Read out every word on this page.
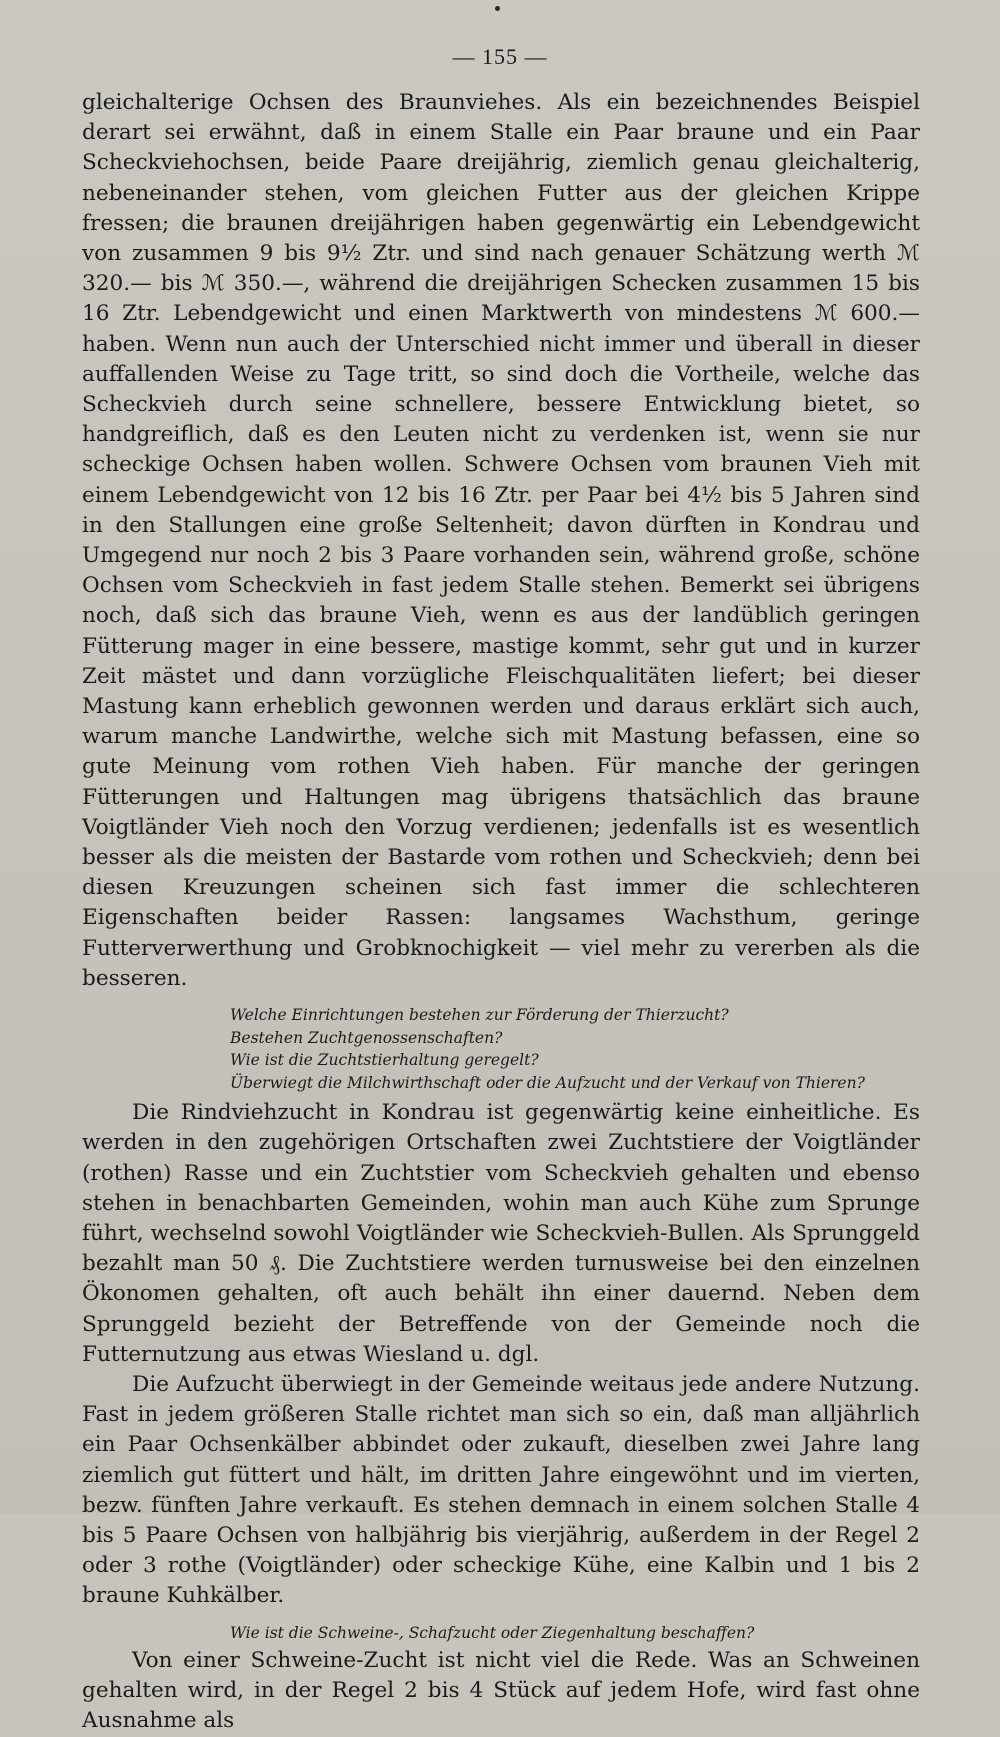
— 155 —

gleichalterige Ochsen des Braunviehes. Als ein bezeichnendes Beispiel derart sei erwähnt, daß in einem Stalle ein Paar braune und ein Paar Scheckviehochsen, beide Paare dreijährig, ziemlich genau gleichalterig, nebeneinander stehen, vom gleichen Futter aus der gleichen Krippe fressen; die braunen dreijährigen haben gegenwärtig ein Lebendgewicht von zusammen 9 bis 9½ Ztr. und sind nach genauer Schätzung werth ℳ 320.— bis ℳ 350.—, während die dreijährigen Schecken zusammen 15 bis 16 Ztr. Lebendgewicht und einen Marktwerth von mindestens ℳ 600.— haben. Wenn nun auch der Unterschied nicht immer und überall in dieser auffallenden Weise zu Tage tritt, so sind doch die Vortheile, welche das Scheckvieh durch seine schnellere, bessere Entwicklung bietet, so handgreiflich, daß es den Leuten nicht zu verdenken ist, wenn sie nur scheckige Ochsen haben wollen. Schwere Ochsen vom braunen Vieh mit einem Lebendgewicht von 12 bis 16 Ztr. per Paar bei 4½ bis 5 Jahren sind in den Stallungen eine große Seltenheit; davon dürften in Kondrau und Umgegend nur noch 2 bis 3 Paare vorhanden sein, während große, schöne Ochsen vom Scheckvieh in fast jedem Stalle stehen. Bemerkt sei übrigens noch, daß sich das braune Vieh, wenn es aus der landüblich geringen Fütterung mager in eine bessere, mastige kommt, sehr gut und in kurzer Zeit mästet und dann vorzügliche Fleischqualitäten liefert; bei dieser Mastung kann erheblich gewonnen werden und daraus erklärt sich auch, warum manche Landwirthe, welche sich mit Mastung befassen, eine so gute Meinung vom rothen Vieh haben. Für manche der geringen Fütterungen und Haltungen mag übrigens thatsächlich das braune Voigtländer Vieh noch den Vorzug verdienen; jedenfalls ist es wesentlich besser als die meisten der Bastarde vom rothen und Scheckvieh; denn bei diesen Kreuzungen scheinen sich fast immer die schlechteren Eigenschaften beider Rassen: langsames Wachsthum, geringe Futterverwerthung und Grobknochigkeit — viel mehr zu vererben als die besseren.

Welche Einrichtungen bestehen zur Förderung der Thierzucht?
Bestehen Zuchtgenossenschaften?
Wie ist die Zuchtstierhaltung geregelt?
Überwiegt die Milchwirthschaft oder die Aufzucht und der Verkauf von Thieren?

Die Rindviehzucht in Kondrau ist gegenwärtig keine einheitliche. Es werden in den zugehörigen Ortschaften zwei Zuchtstiere der Voigtländer (rothen) Rasse und ein Zuchtstier vom Scheckvieh gehalten und ebenso stehen in benachbarten Gemeinden, wohin man auch Kühe zum Sprunge führt, wechselnd sowohl Voigtländer wie Scheckvieh-Bullen. Als Sprunggeld bezahlt man 50 ₰. Die Zuchtstiere werden turnusweise bei den einzelnen Ökonomen gehalten, oft auch behält ihn einer dauernd. Neben dem Sprunggeld bezieht der Betreffende von der Gemeinde noch die Futternutzung aus etwas Wiesland u. dgl.

Die Aufzucht überwiegt in der Gemeinde weitaus jede andere Nutzung. Fast in jedem größeren Stalle richtet man sich so ein, daß man alljährlich ein Paar Ochsenkälber abbindet oder zukauft, dieselben zwei Jahre lang ziemlich gut füttert und hält, im dritten Jahre eingewöhnt und im vierten, bezw. fünften Jahre verkauft. Es stehen demnach in einem solchen Stalle 4 bis 5 Paare Ochsen von halbjährig bis vierjährig, außerdem in der Regel 2 oder 3 rothe (Voigtländer) oder scheckige Kühe, eine Kalbin und 1 bis 2 braune Kuhkälber.

Wie ist die Schweine-, Schafzucht oder Ziegenhaltung beschaffen?

Von einer Schweine-Zucht ist nicht viel die Rede. Was an Schweinen gehalten wird, in der Regel 2 bis 4 Stück auf jedem Hofe, wird fast ohne Ausnahme als
